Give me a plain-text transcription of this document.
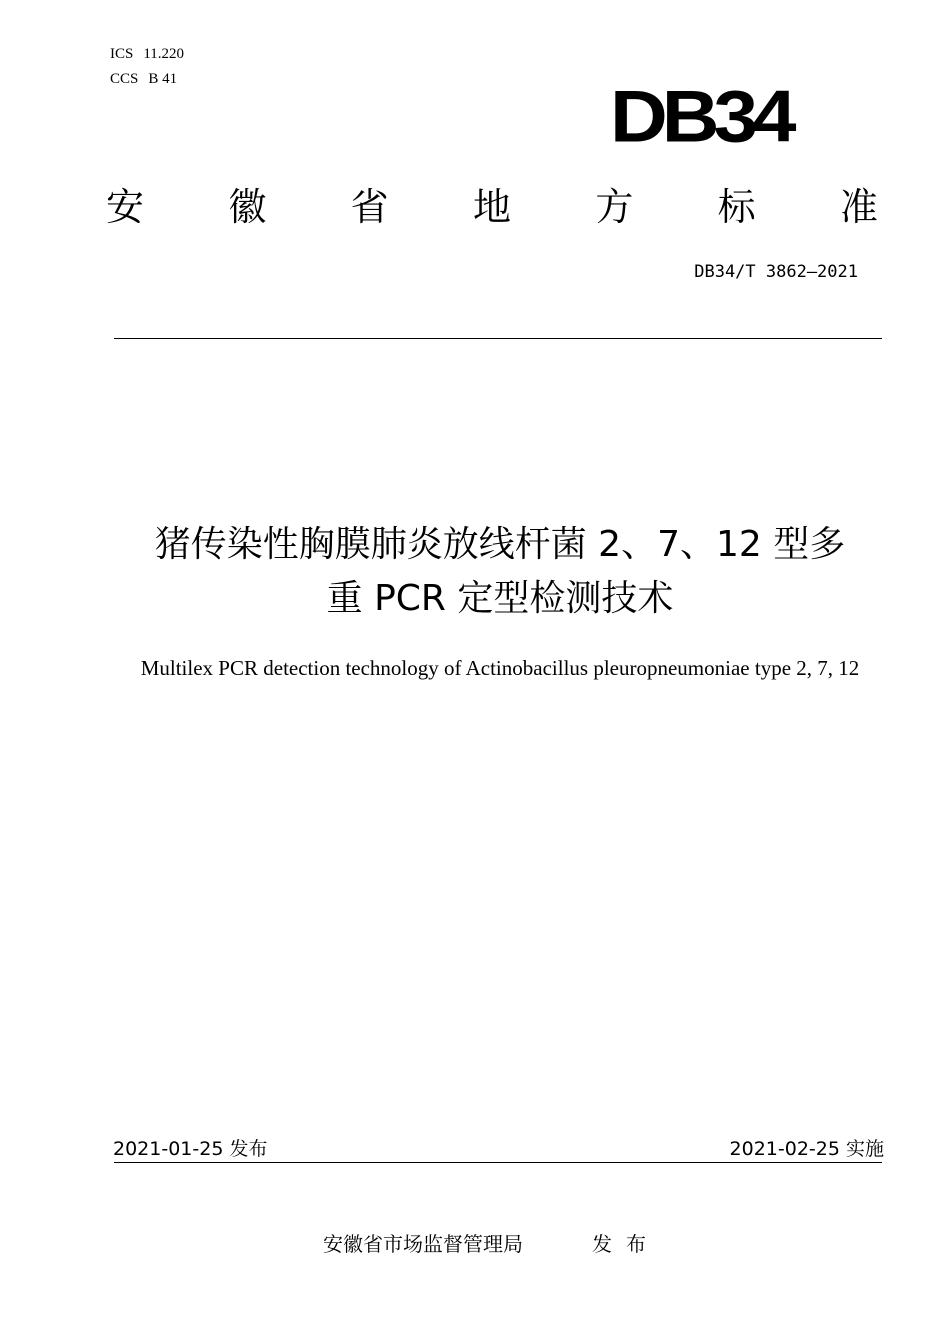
ICS 11.220
CCS B 41	DB34
安 徽 省 地 方 标 准
DB34/T 3862—2021
猪传染性胸膜肺炎放线杆菌 2、7、12 型多
重 PCR 定型检测技术
Multilex PCR detection technology of Actinobacillus pleuropneumoniae type 2, 7, 12
2021-01-25 发布	2021-02-25 实施
安徽省市场监督管理局	发布
